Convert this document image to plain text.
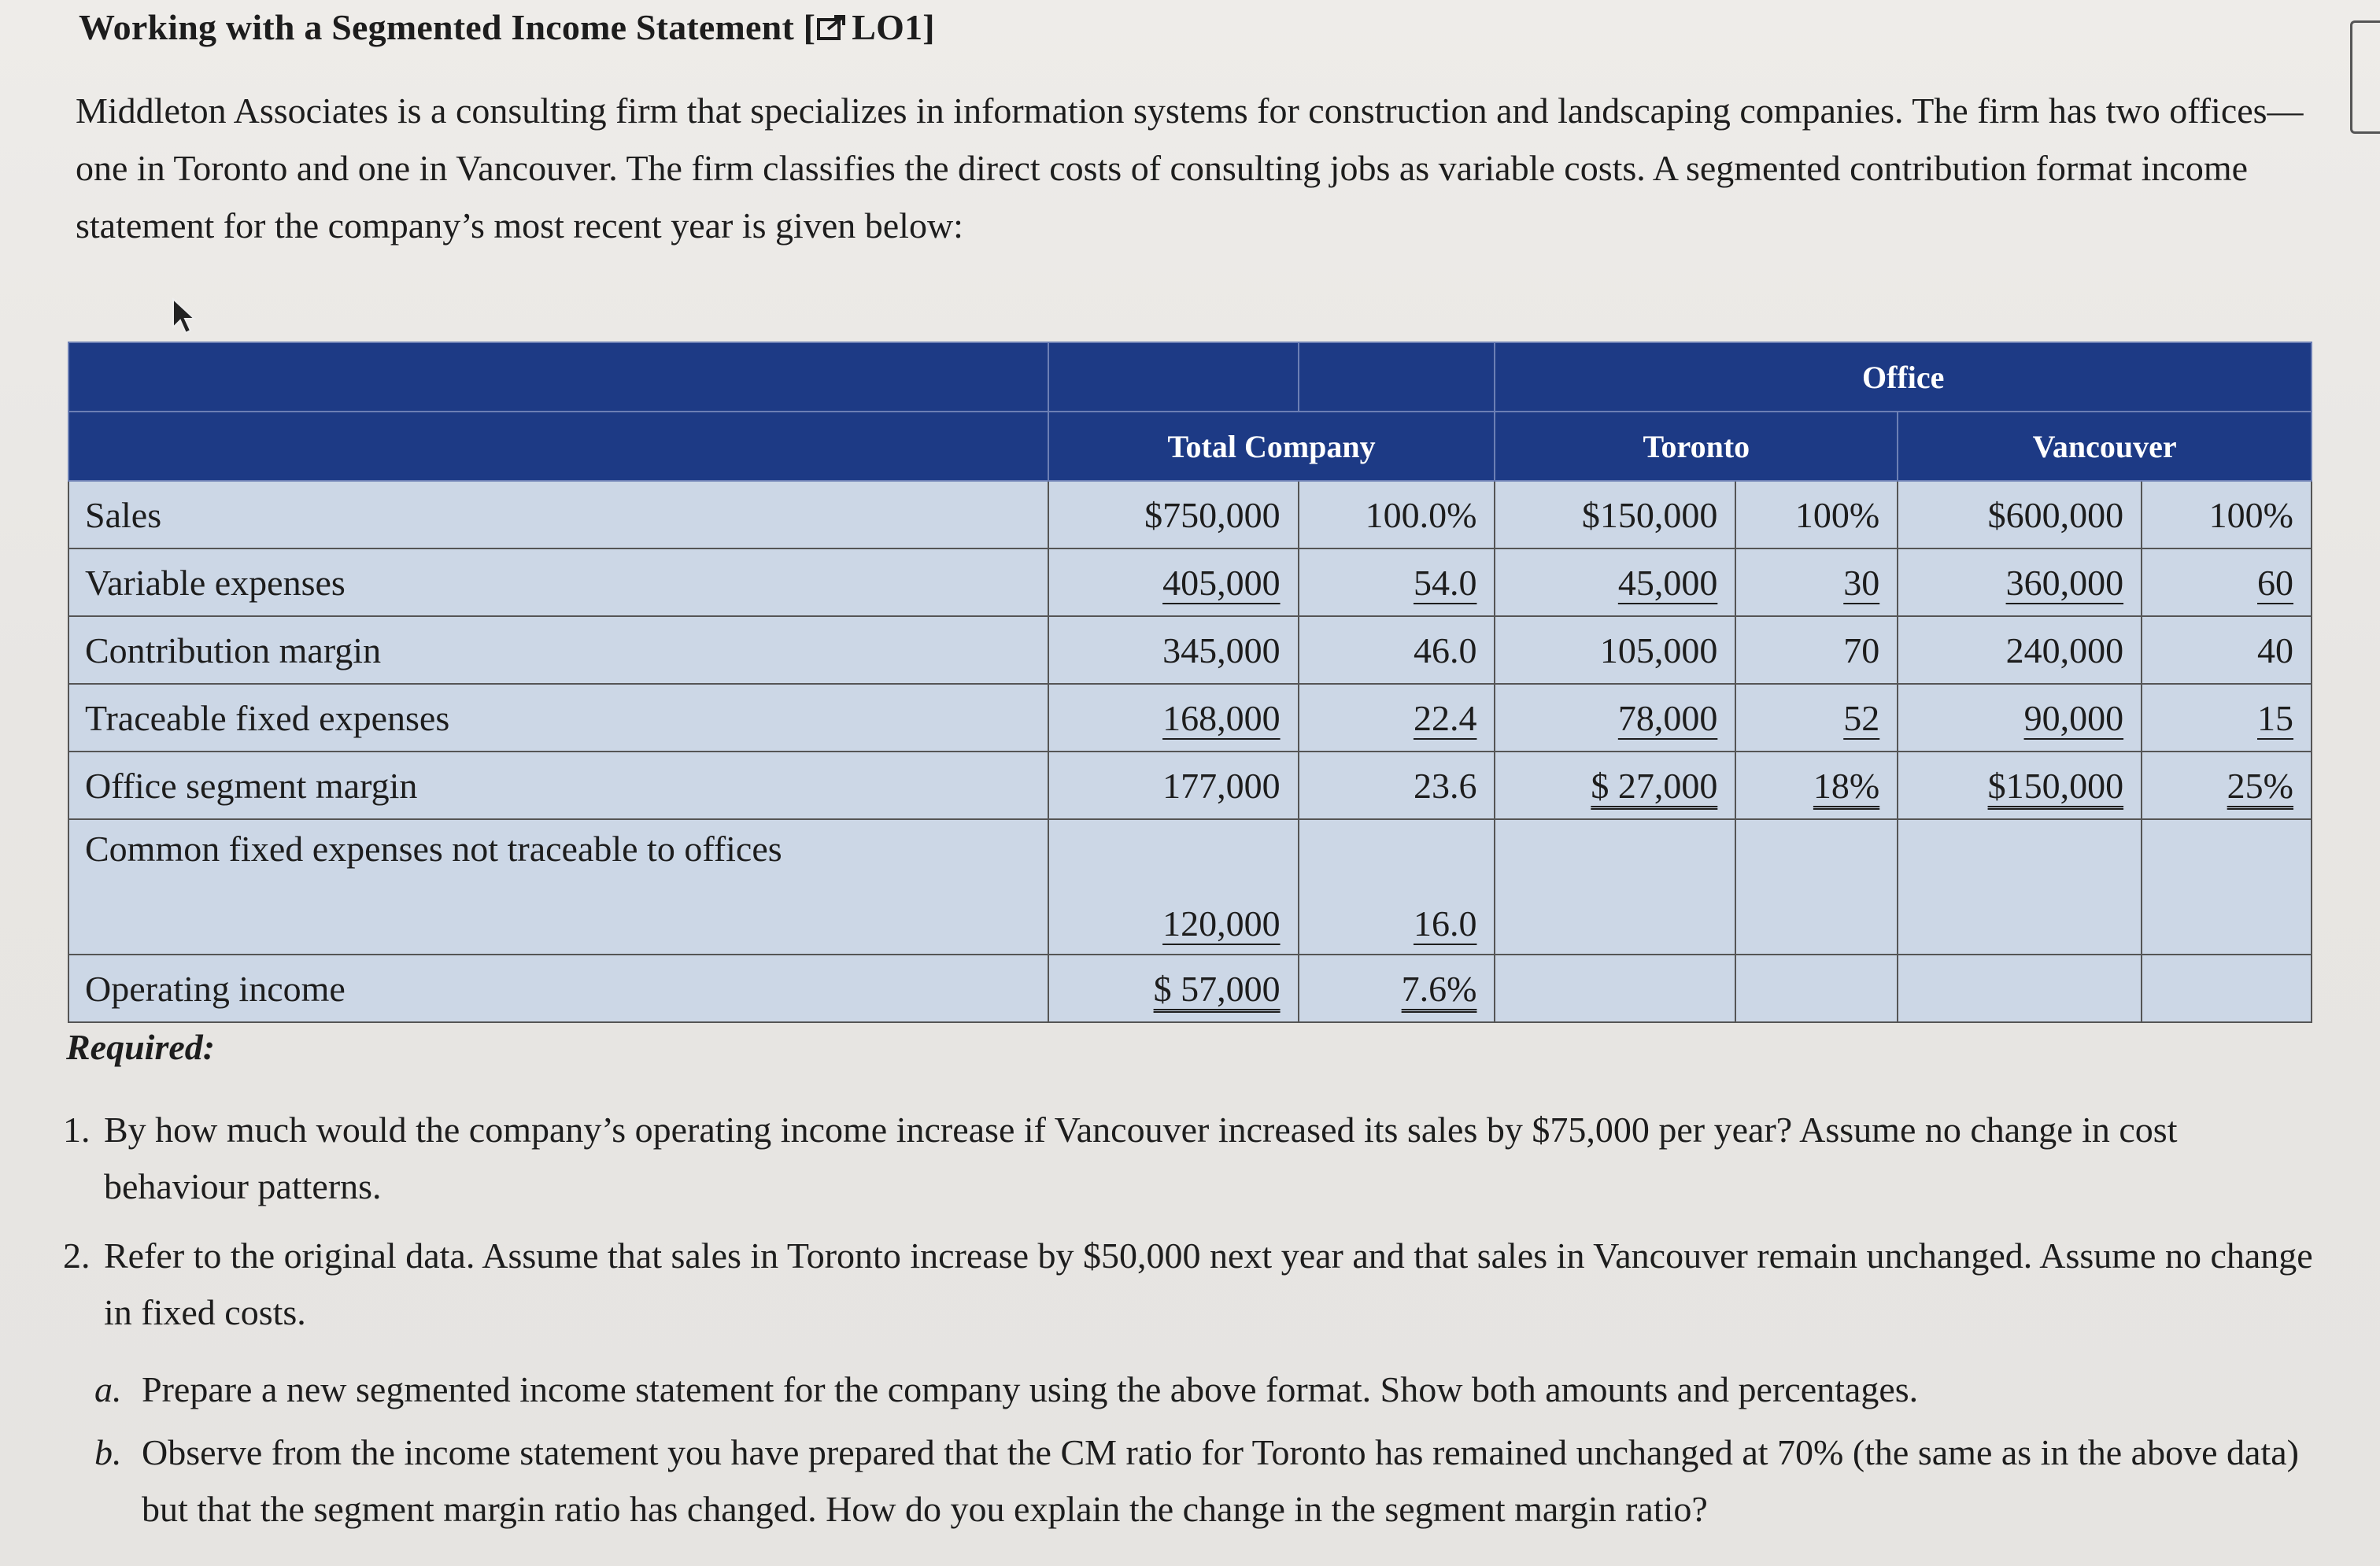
Working with a Segmented Income Statement [ LO1]
Middleton Associates is a consulting firm that specializes in information systems for construction and landscaping companies. The firm has two offices—one in Toronto and one in Vancouver. The firm classifies the direct costs of consulting jobs as variable costs. A segmented contribution format income statement for the company’s most recent year is given below:
			Office			
	Total Company		Toronto		Vancouver	
Sales	$750,000	100.0%	$150,000	100%	$600,000	100%
Variable expenses	405,000	54.0	45,000	30	360,000	60
Contribution margin	345,000	46.0	105,000	70	240,000	40
Traceable fixed expenses	168,000	22.4	78,000	52	90,000	15
Office segment margin	177,000	23.6	$ 27,000	18%	$150,000	25%
Common fixed expenses not traceable to offices	120,000	16.0				
Operating income	$ 57,000	7.6%				
Required:
1. By how much would the company’s operating income increase if Vancouver increased its sales by $75,000 per year? Assume no change in cost behaviour patterns.
2. Refer to the original data. Assume that sales in Toronto increase by $50,000 next year and that sales in Vancouver remain unchanged. Assume no change in fixed costs.
a. Prepare a new segmented income statement for the company using the above format. Show both amounts and percentages.
b. Observe from the income statement you have prepared that the CM ratio for Toronto has remained unchanged at 70% (the same as in the above data) but that the segment margin ratio has changed. How do you explain the change in the segment margin ratio?
